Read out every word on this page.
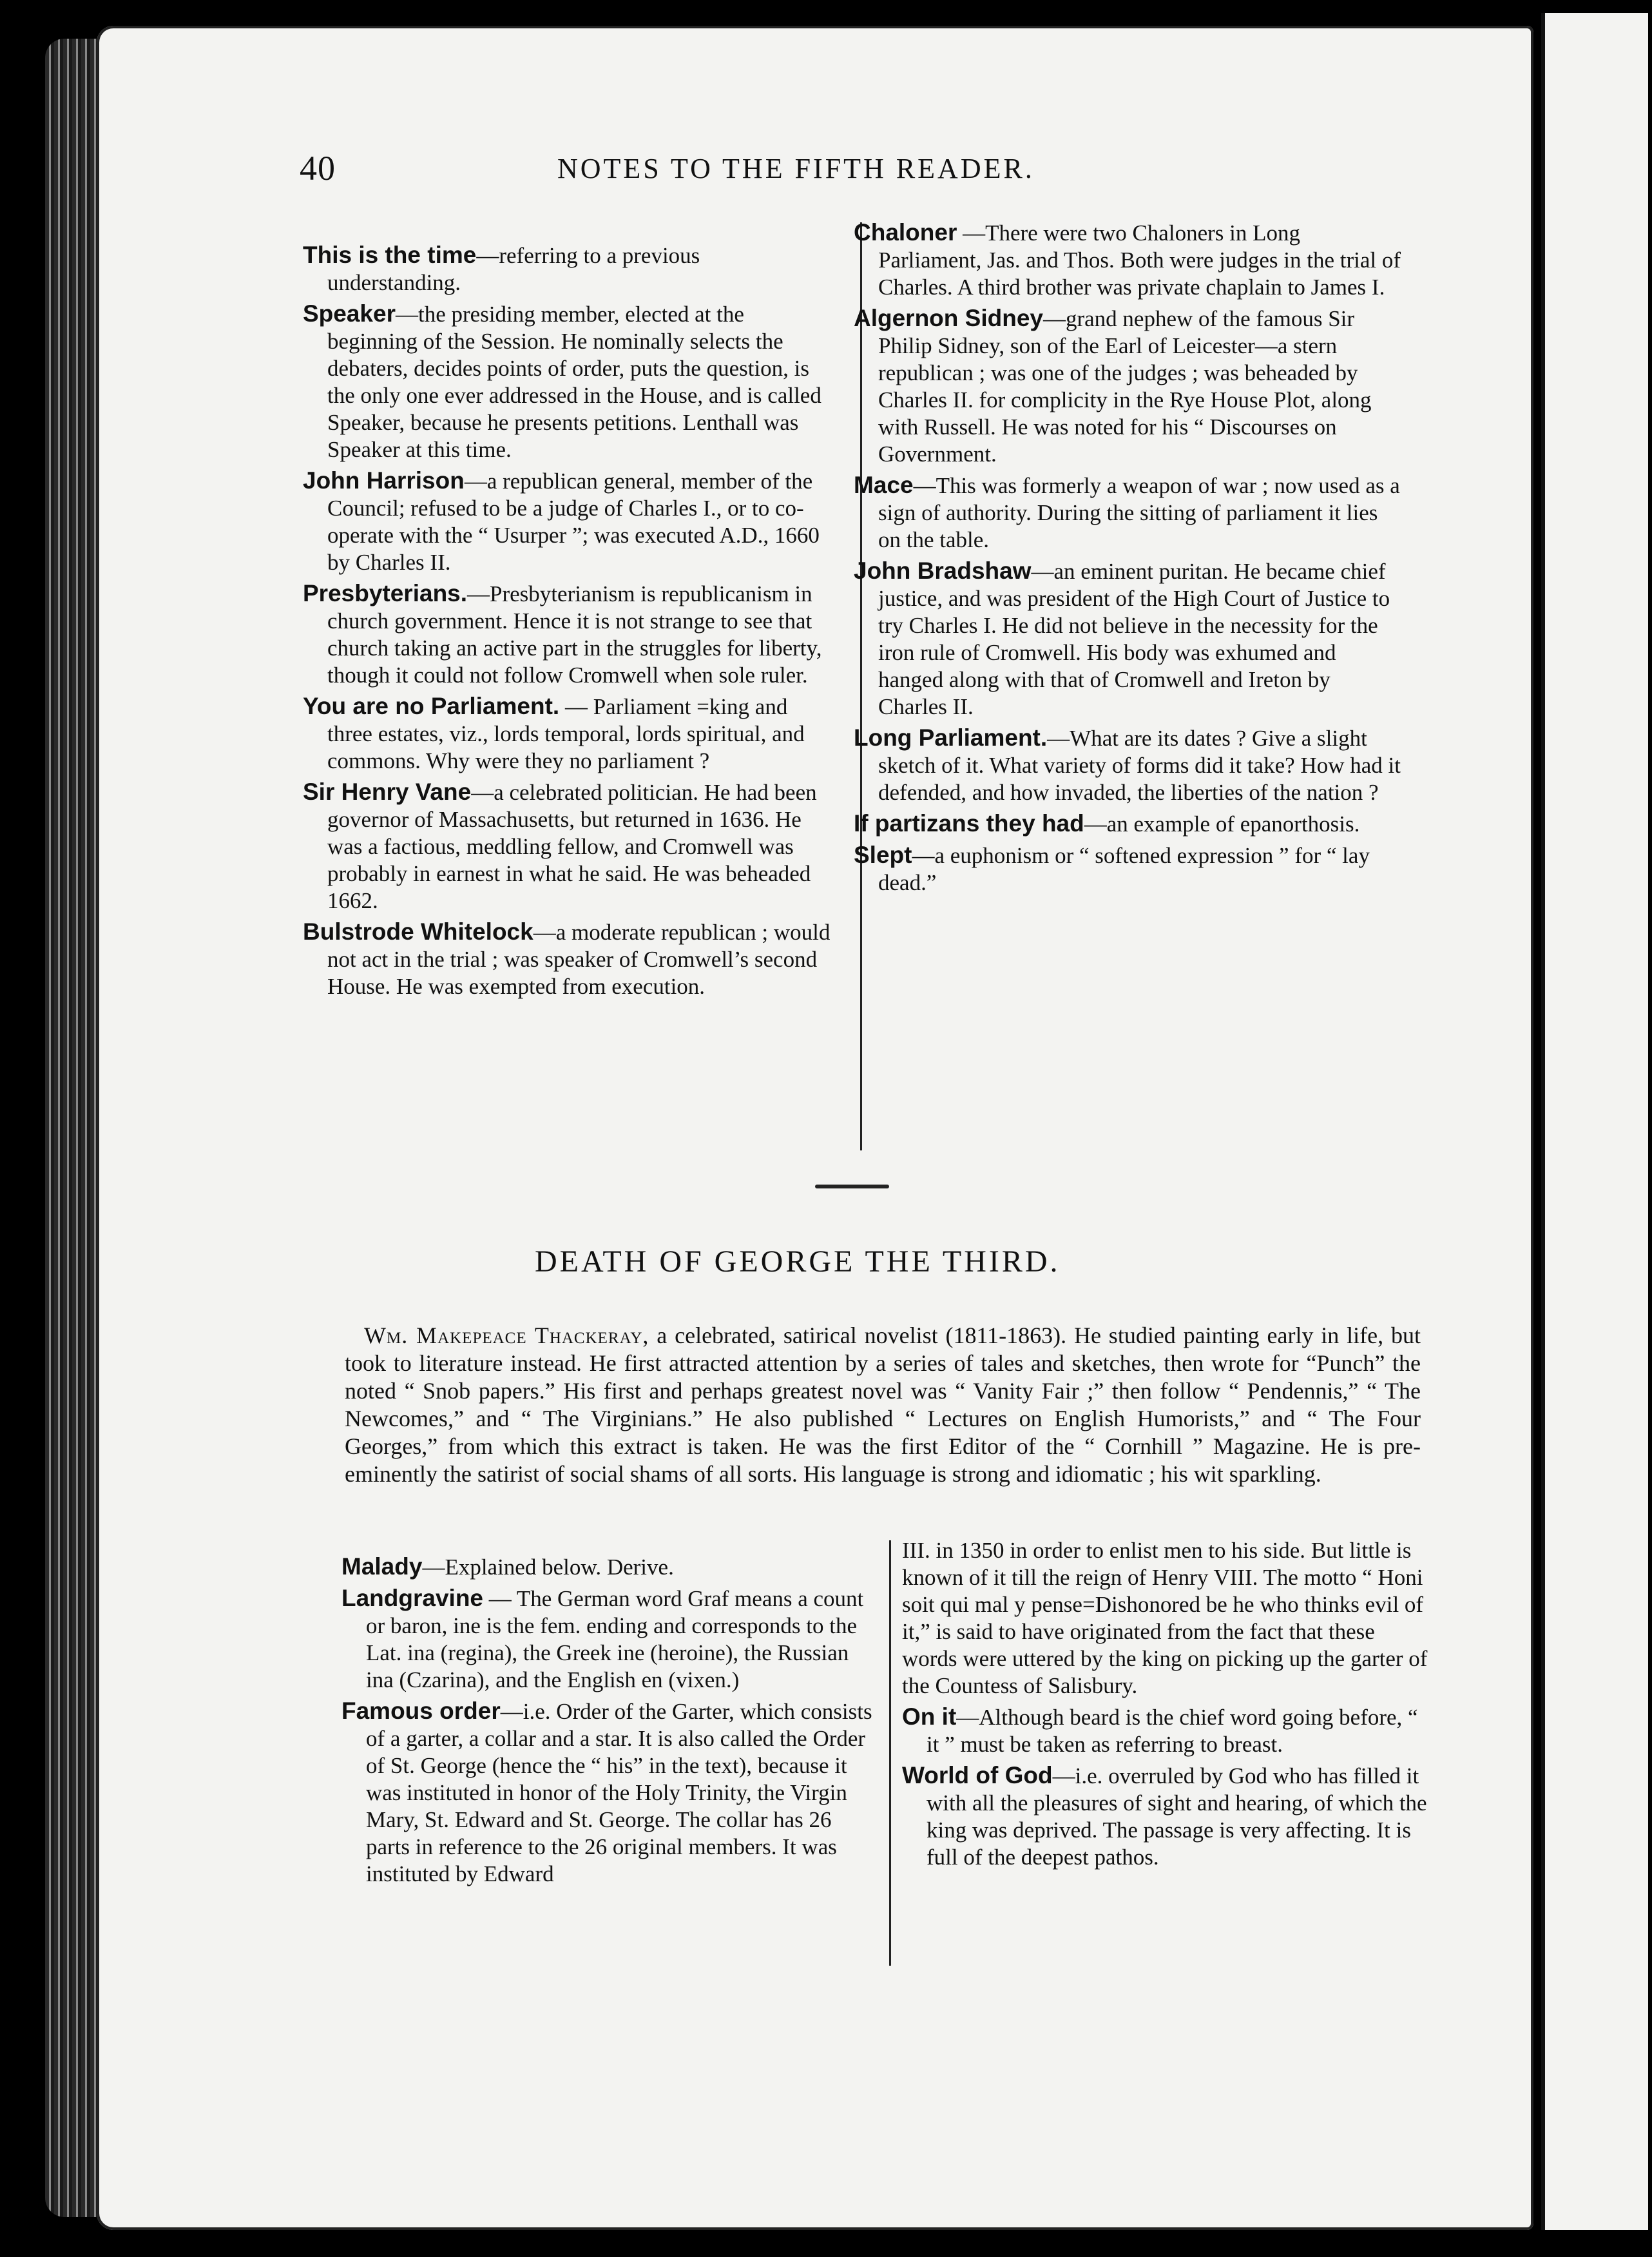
40	NOTES TO THE FIFTH READER.

This is the time—referring to a previous understanding.

Speaker—the presiding member, elected at the beginning of the Session. He nominally selects the debaters, decides points of order, puts the question, is the only one ever addressed in the House, and is called Speaker, because he presents petitions. Lenthall was Speaker at this time.

John Harrison—a republican general, member of the Council; refused to be a judge of Charles I., or to co-operate with the “ Usurper ”; was executed A.D., 1660 by Charles II.

Presbyterians.—Presbyterianism is republicanism in church government. Hence it is not strange to see that church taking an active part in the struggles for liberty, though it could not follow Cromwell when sole ruler.

You are no Parliament. — Parliament =king and three estates, viz., lords temporal, lords spiritual, and commons. Why were they no parliament ?

Sir Henry Vane—a celebrated politician. He had been governor of Massachusetts, but returned in 1636. He was a factious, meddling fellow, and Cromwell was probably in earnest in what he said. He was beheaded 1662.

Bulstrode Whitelock—a moderate republican ; would not act in the trial ; was speaker of Cromwell’s second House. He was exempted from execution.

Chaloner —There were two Chaloners in Long Parliament, Jas. and Thos. Both were judges in the trial of Charles. A third brother was private chaplain to James I.

Algernon Sidney—grand nephew of the famous Sir Philip Sidney, son of the Earl of Leicester—a stern republican ; was one of the judges ; was beheaded by Charles II. for complicity in the Rye House Plot, along with Russell. He was noted for his “ Discourses on Government.

Mace—This was formerly a weapon of war ; now used as a sign of authority. During the sitting of parliament it lies on the table.

John Bradshaw—an eminent puritan. He became chief justice, and was president of the High Court of Justice to try Charles I. He did not believe in the necessity for the iron rule of Cromwell. His body was exhumed and hanged along with that of Cromwell and Ireton by Charles II.

Long Parliament.—What are its dates ? Give a slight sketch of it. What variety of forms did it take? How had it defended, and how invaded, the liberties of the nation ?

If partizans they had—an example of epanorthosis.

Slept—a euphonism or “ softened expression ” for “ lay dead.”

DEATH OF GEORGE THE THIRD.

Wm. Makepeace Thackeray, a celebrated, satirical novelist (1811-1863). He studied painting early in life, but took to literature instead. He first attracted attention by a series of tales and sketches, then wrote for “Punch” the noted “ Snob papers.” His first and perhaps greatest novel was “ Vanity Fair ;” then follow “ Pendennis,” “ The Newcomes,” and “ The Virginians.” He also published “ Lectures on English Humorists,” and “ The Four Georges,” from which this extract is taken. He was the first Editor of the “ Cornhill ” Magazine. He is pre-eminently the satirist of social shams of all sorts. His language is strong and idiomatic ; his wit sparkling.

Malady—Explained below. Derive.

Landgravine — The German word Graf means a count or baron, ine is the fem. ending and corresponds to the Lat. ina (regina), the Greek ine (heroine), the Russian ina (Czarina), and the English en (vixen.)

Famous order—i.e. Order of the Garter, which consists of a garter, a collar and a star. It is also called the Order of St. George (hence the “ his” in the text), because it was instituted in honor of the Holy Trinity, the Virgin Mary, St. Edward and St. George. The collar has 26 parts in reference to the 26 original members. It was instituted by Edward

III. in 1350 in order to enlist men to his side. But little is known of it till the reign of Henry VIII. The motto “ Honi soit qui mal y pense=Dishonored be he who thinks evil of it,” is said to have originated from the fact that these words were uttered by the king on picking up the garter of the Countess of Salisbury.

On it—Although beard is the chief word going before, “ it ” must be taken as referring to breast.

World of God—i.e. overruled by God who has filled it with all the pleasures of sight and hearing, of which the king was deprived. The passage is very affecting. It is full of the deepest pathos.
